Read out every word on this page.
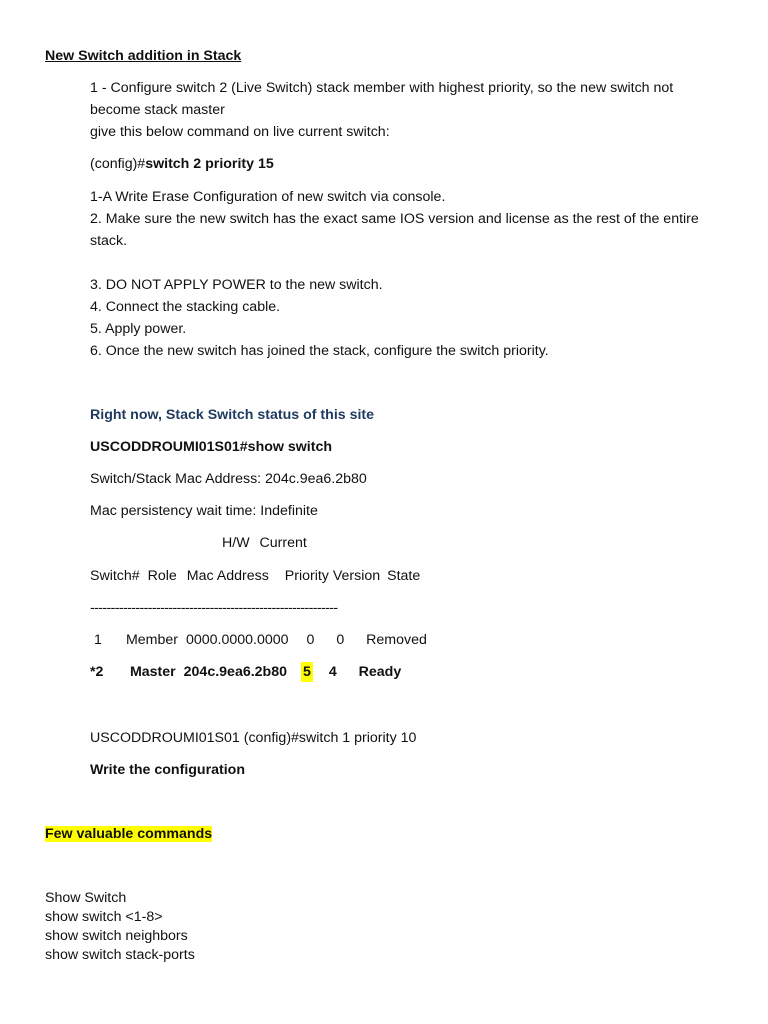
New Switch addition in Stack
1 - Configure switch 2 (Live Switch) stack member with highest priority, so the new switch not
become stack master
give this below command on live current switch:
(config)#switch 2 priority 15
1-A Write Erase Configuration of new switch via console.
2. Make sure the new switch has the exact same IOS version and license as the rest of the entire
stack.
3. DO NOT APPLY POWER to the new switch.
4. Connect the stacking cable.
5. Apply power.
6. Once the new switch has joined the stack, configure the switch priority.
Right now, Stack Switch status of this site
USCODDROUMI01S01#show switch
Switch/Stack Mac Address: 204c.9ea6.2b80
Mac persistency wait time: Indefinite
H/W Current
Switch# Role Mac Address Priority Version State
------------------------------------------------------------
1 Member 0000.0000.0000 0 0 Removed
*2 Master 204c.9ea6.2b80 5 4 Ready
USCODDROUMI01S01 (config)#switch 1 priority 10
Write the configuration
Few valuable commands
Show Switch
show switch <1-8>
show switch neighbors
show switch stack-ports
